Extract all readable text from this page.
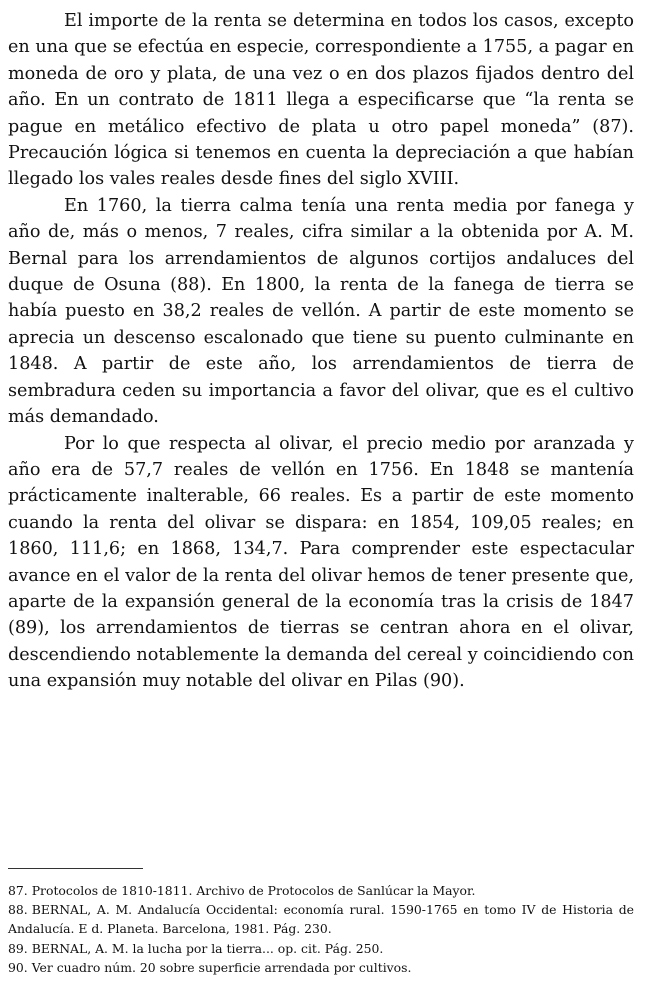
El importe de la renta se determina en todos los casos, excepto en una que se efectúa en especie, correspondiente a 1755, a pagar en moneda de oro y plata, de una vez o en dos plazos fijados dentro del año. En un contrato de 1811 llega a especificarse que “la renta se pague en metálico efectivo de plata u otro papel moneda” (87). Precaución lógica si tenemos en cuenta la depreciación a que habían llegado los vales reales desde fines del siglo XVIII.

En 1760, la tierra calma tenía una renta media por fanega y año de, más o menos, 7 reales, cifra similar a la obtenida por A. M. Bernal para los arrendamientos de algunos cortijos andaluces del duque de Osuna (88). En 1800, la renta de la fanega de tierra se había puesto en 38,2 reales de vellón. A partir de este momento se aprecia un descenso escalonado que tiene su puento culminante en 1848. A partir de este año, los arrendamientos de tierra de sembradura ceden su importancia a favor del olivar, que es el cultivo más demandado.

Por lo que respecta al olivar, el precio medio por aranzada y año era de 57,7 reales de vellón en 1756. En 1848 se mantenía prácticamente inalterable, 66 reales. Es a partir de este momento cuando la renta del olivar se dispara: en 1854, 109,05 reales; en 1860, 111,6; en 1868, 134,7. Para comprender este espectacular avance en el valor de la renta del olivar hemos de tener presente que, aparte de la expansión general de la economía tras la crisis de 1847 (89), los arrendamientos de tierras se centran ahora en el olivar, descendiendo notablemente la demanda del cereal y coincidiendo con una expansión muy notable del olivar en Pilas (90).

87. Protocolos de 1810-1811. Archivo de Protocolos de Sanlúcar la Mayor.

88. BERNAL, A. M. Andalucía Occidental: economía rural. 1590-1765 en tomo IV de Historia de Andalucía. E d. Planeta. Barcelona, 1981. Pág. 230.

89. BERNAL, A. M. la lucha por la tierra... op. cit. Pág. 250.

90. Ver cuadro núm. 20 sobre superficie arrendada por cultivos.
